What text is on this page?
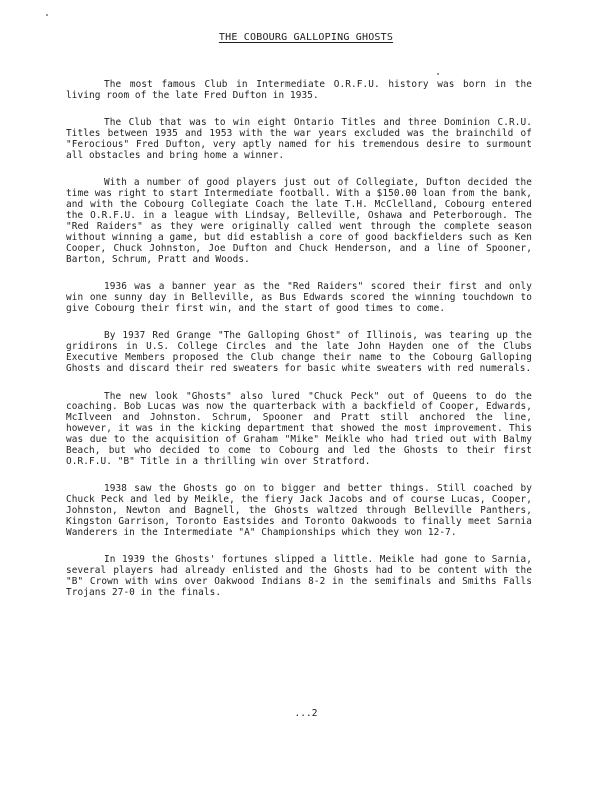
THE COBOURG GALLOPING GHOSTS

The most famous Club in Intermediate O.R.F.U. history was born in the living room of the late Fred Dufton in 1935.

The Club that was to win eight Ontario Titles and three Dominion C.R.U. Titles between 1935 and 1953 with the war years excluded was the brainchild of "Ferocious" Fred Dufton, very aptly named for his tremendous desire to surmount all obstacles and bring home a winner.

With a number of good players just out of Collegiate, Dufton decided the time was right to start Intermediate football. With a $150.00 loan from the bank, and with the Cobourg Collegiate Coach the late T.H. McClelland, Cobourg entered the O.R.F.U. in a league with Lindsay, Belleville, Oshawa and Peterborough. The "Red Raiders" as they were originally called went through the complete season without winning a game, but did establish a core of good backfielders such as Ken Cooper, Chuck Johnston, Joe Dufton and Chuck Henderson, and a line of Spooner, Barton, Schrum, Pratt and Woods.

1936 was a banner year as the "Red Raiders" scored their first and only win one sunny day in Belleville, as Bus Edwards scored the winning touchdown to give Cobourg their first win, and the start of good times to come.

By 1937 Red Grange "The Galloping Ghost" of Illinois, was tearing up the gridirons in U.S. College Circles and the late John Hayden one of the Clubs Executive Members proposed the Club change their name to the Cobourg Galloping Ghosts and discard their red sweaters for basic white sweaters with red numerals.

The new look "Ghosts" also lured "Chuck Peck" out of Queens to do the coaching. Bob Lucas was now the quarterback with a backfield of Cooper, Edwards, McIlveen and Johnston. Schrum, Spooner and Pratt still anchored the line, however, it was in the kicking department that showed the most improvement. This was due to the acquisition of Graham "Mike" Meikle who had tried out with Balmy Beach, but who decided to come to Cobourg and led the Ghosts to their first O.R.F.U. "B" Title in a thrilling win over Stratford.

1938 saw the Ghosts go on to bigger and better things. Still coached by Chuck Peck and led by Meikle, the fiery Jack Jacobs and of course Lucas, Cooper, Johnston, Newton and Bagnell, the Ghosts waltzed through Belleville Panthers, Kingston Garrison, Toronto Eastsides and Toronto Oakwoods to finally meet Sarnia Wanderers in the Intermediate "A" Championships which they won 12-7.

In 1939 the Ghosts' fortunes slipped a little. Meikle had gone to Sarnia, several players had already enlisted and the Ghosts had to be content with the "B" Crown with wins over Oakwood Indians 8-2 in the semifinals and Smiths Falls Trojans 27-0 in the finals.

...2
